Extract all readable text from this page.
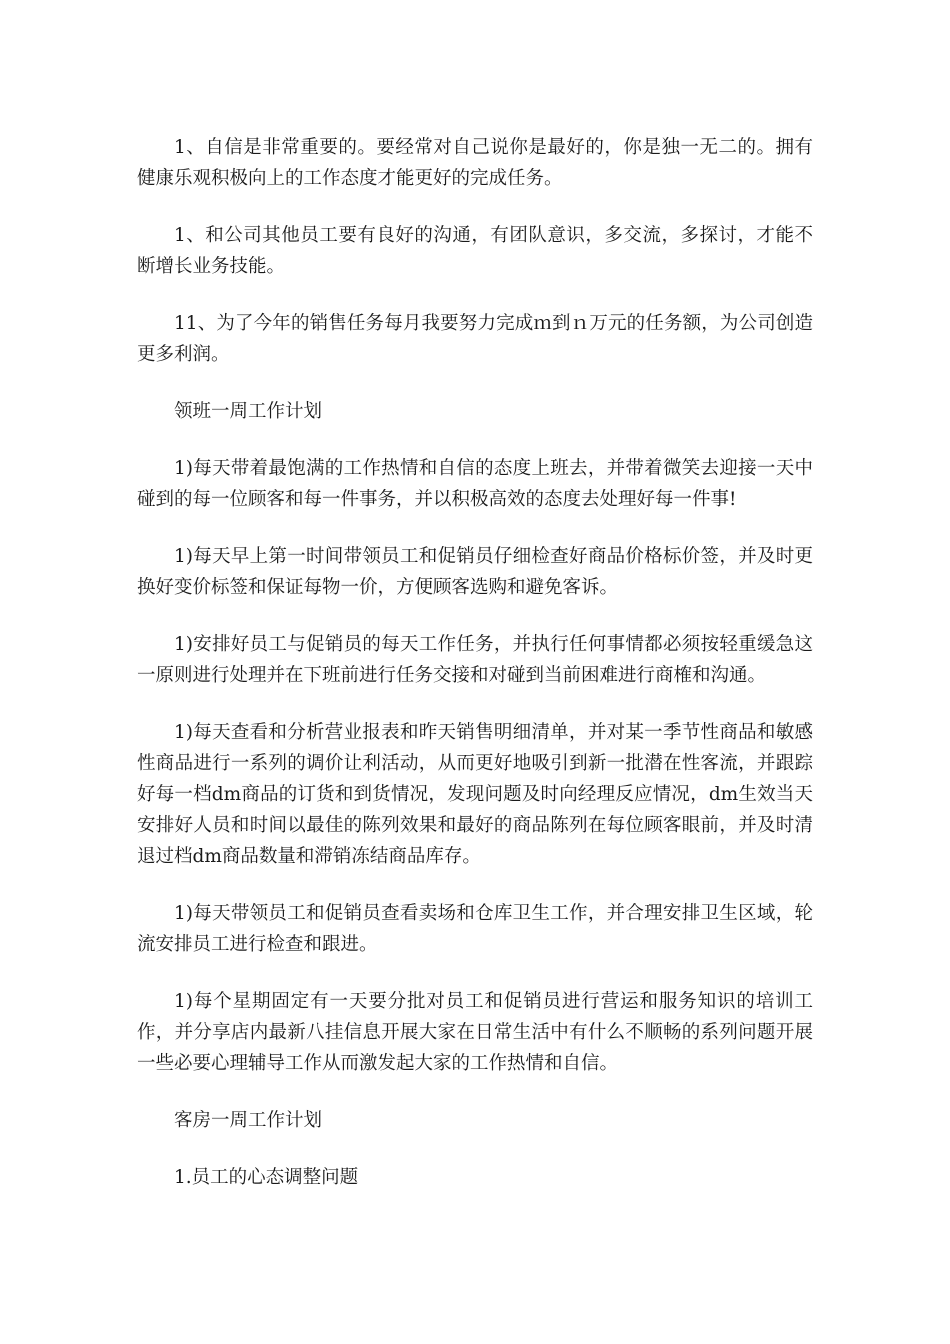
1、自信是非常重要的。要经常对自己说你是最好的，你是独一无二的。拥有健康乐观积极向上的工作态度才能更好的完成任务。

1、和公司其他员工要有良好的沟通，有团队意识，多交流，多探讨，才能不断增长业务技能。

11、为了今年的销售任务每月我要努力完成ｍ到ｎ万元的任务额，为公司创造更多利润。

领班一周工作计划

1)每天带着最饱满的工作热情和自信的态度上班去，并带着微笑去迎接一天中碰到的每一位顾客和每一件事务，并以积极高效的态度去处理好每一件事!

1)每天早上第一时间带领员工和促销员仔细检查好商品价格标价签，并及时更换好变价标签和保证每物一价，方便顾客选购和避免客诉。

1)安排好员工与促销员的每天工作任务，并执行任何事情都必须按轻重缓急这一原则进行处理并在下班前进行任务交接和对碰到当前困难进行商榷和沟通。

1)每天查看和分析营业报表和昨天销售明细清单，并对某一季节性商品和敏感性商品进行一系列的调价让利活动，从而更好地吸引到新一批潜在性客流，并跟踪好每一档dm商品的订货和到货情况，发现问题及时向经理反应情况，dm生效当天安排好人员和时间以最佳的陈列效果和最好的商品陈列在每位顾客眼前，并及时清退过档dm商品数量和滞销冻结商品库存。

1)每天带领员工和促销员查看卖场和仓库卫生工作，并合理安排卫生区域，轮流安排员工进行检查和跟进。

1)每个星期固定有一天要分批对员工和促销员进行营运和服务知识的培训工作，并分享店内最新八挂信息开展大家在日常生活中有什么不顺畅的系列问题开展一些必要心理辅导工作从而激发起大家的工作热情和自信。

客房一周工作计划

1.员工的心态调整问题
